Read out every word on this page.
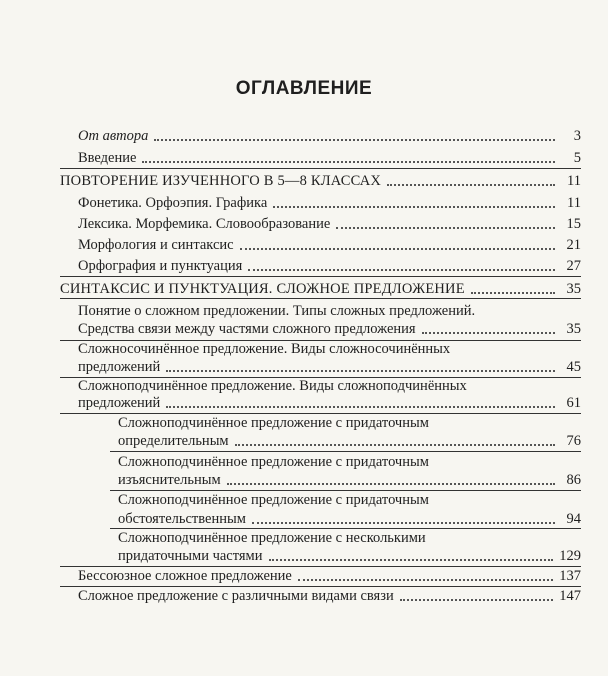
ОГЛАВЛЕНИЕ
От автора	3
Введение	5
ПОВТОРЕНИЕ ИЗУЧЕННОГО В 5—8 КЛАССАХ	11
Фонетика. Орфоэпия. Графика	11
Лексика. Морфемика. Словообразование	15
Морфология и синтаксис	21
Орфография и пунктуация	27
СИНТАКСИС И ПУНКТУАЦИЯ. СЛОЖНОЕ ПРЕДЛОЖЕНИЕ	35
Понятие о сложном предложении. Типы сложных предложений.
Средства связи между частями сложного предложения	35
Сложносочинённое предложение. Виды сложносочинённых
предложений	45
Сложноподчинённое предложение. Виды сложноподчинённых
предложений	61
Сложноподчинённое предложение с придаточным
определительным	76
Сложноподчинённое предложение с придаточным
изъяснительным	86
Сложноподчинённое предложение с придаточным
обстоятельственным	94
Сложноподчинённое предложение с несколькими
придаточными частями	129
Бессоюзное сложное предложение	137
Сложное предложение с различными видами связи	147
